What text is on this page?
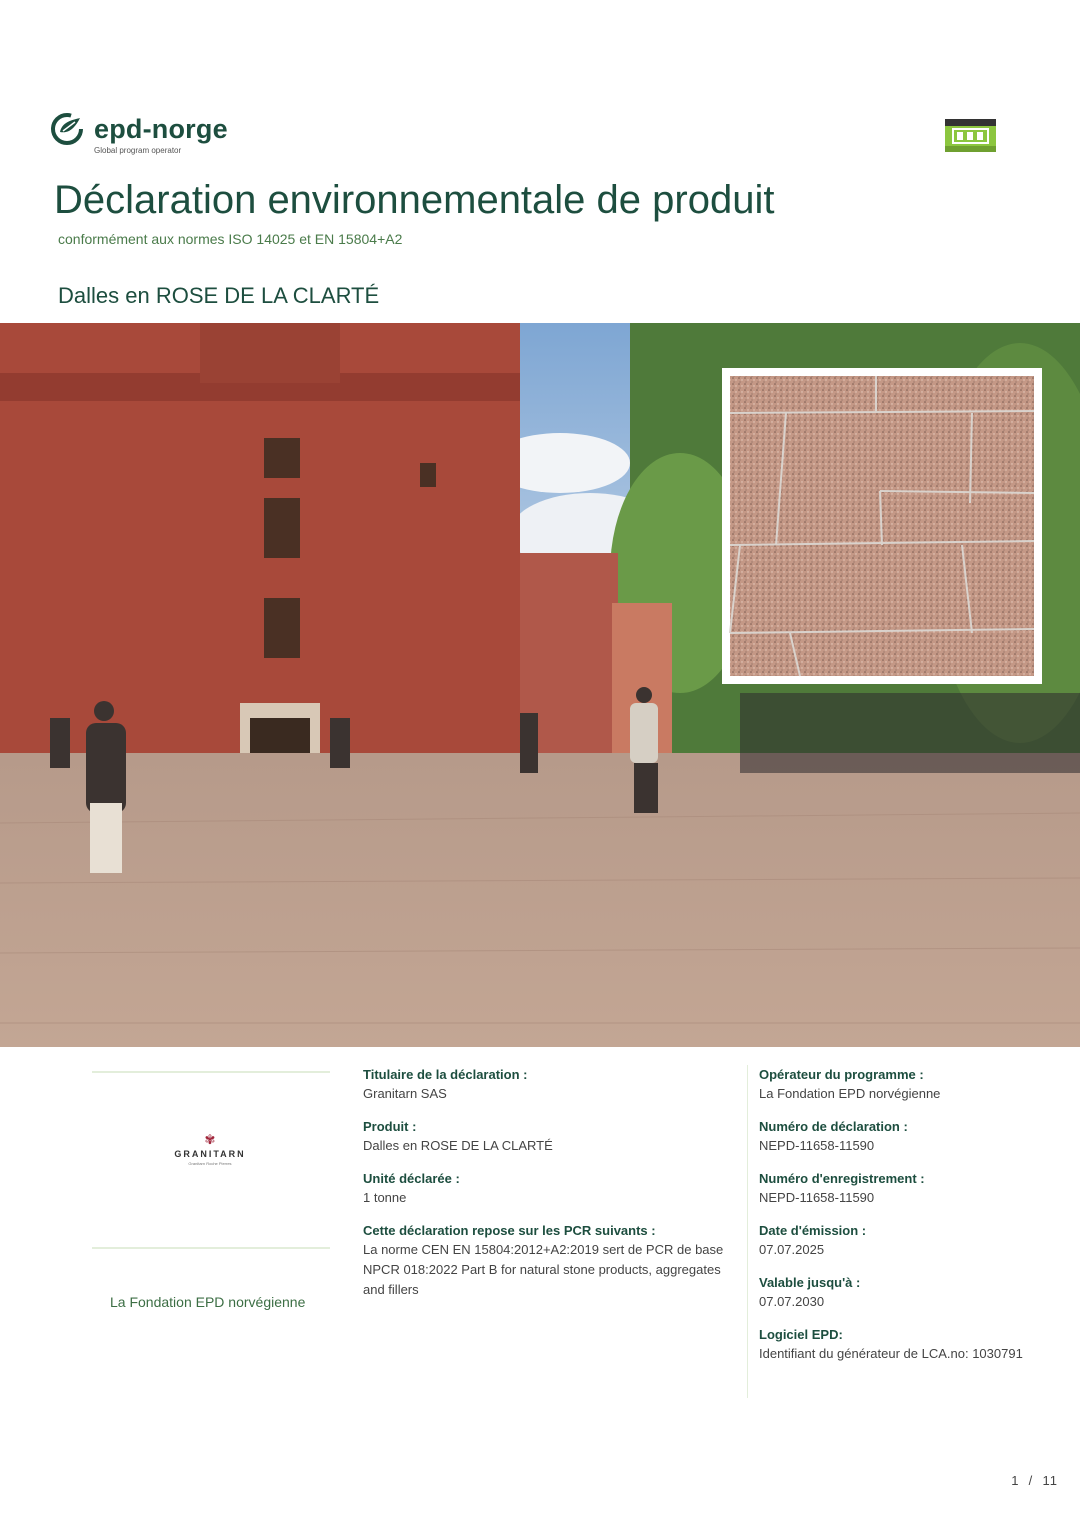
epd-norge
Global program operator
Déclaration environnementale de produit
conformément aux normes ISO 14025 et EN 15804+A2
Dalles en ROSE DE LA CLARTÉ
✾
GRANITARN
Granitarn Roche Pierres
La Fondation EPD norvégienne
Titulaire de la déclaration :
Granitarn SAS
Produit :
Dalles en ROSE DE LA CLARTÉ
Unité déclarée :
1 tonne
Cette déclaration repose sur les PCR suivants :
La norme CEN EN 15804:2012+A2:2019 sert de PCR de base
NPCR 018:2022 Part B for natural stone products, aggregates and fillers
Opérateur du programme :
La Fondation EPD norvégienne
Numéro de déclaration :
NEPD-11658-11590
Numéro d'enregistrement :
NEPD-11658-11590
Date d'émission :
07.07.2025
Valable jusqu'à :
07.07.2030
Logiciel EPD:
Identifiant du générateur de LCA.no: 1030791
1  /  11
